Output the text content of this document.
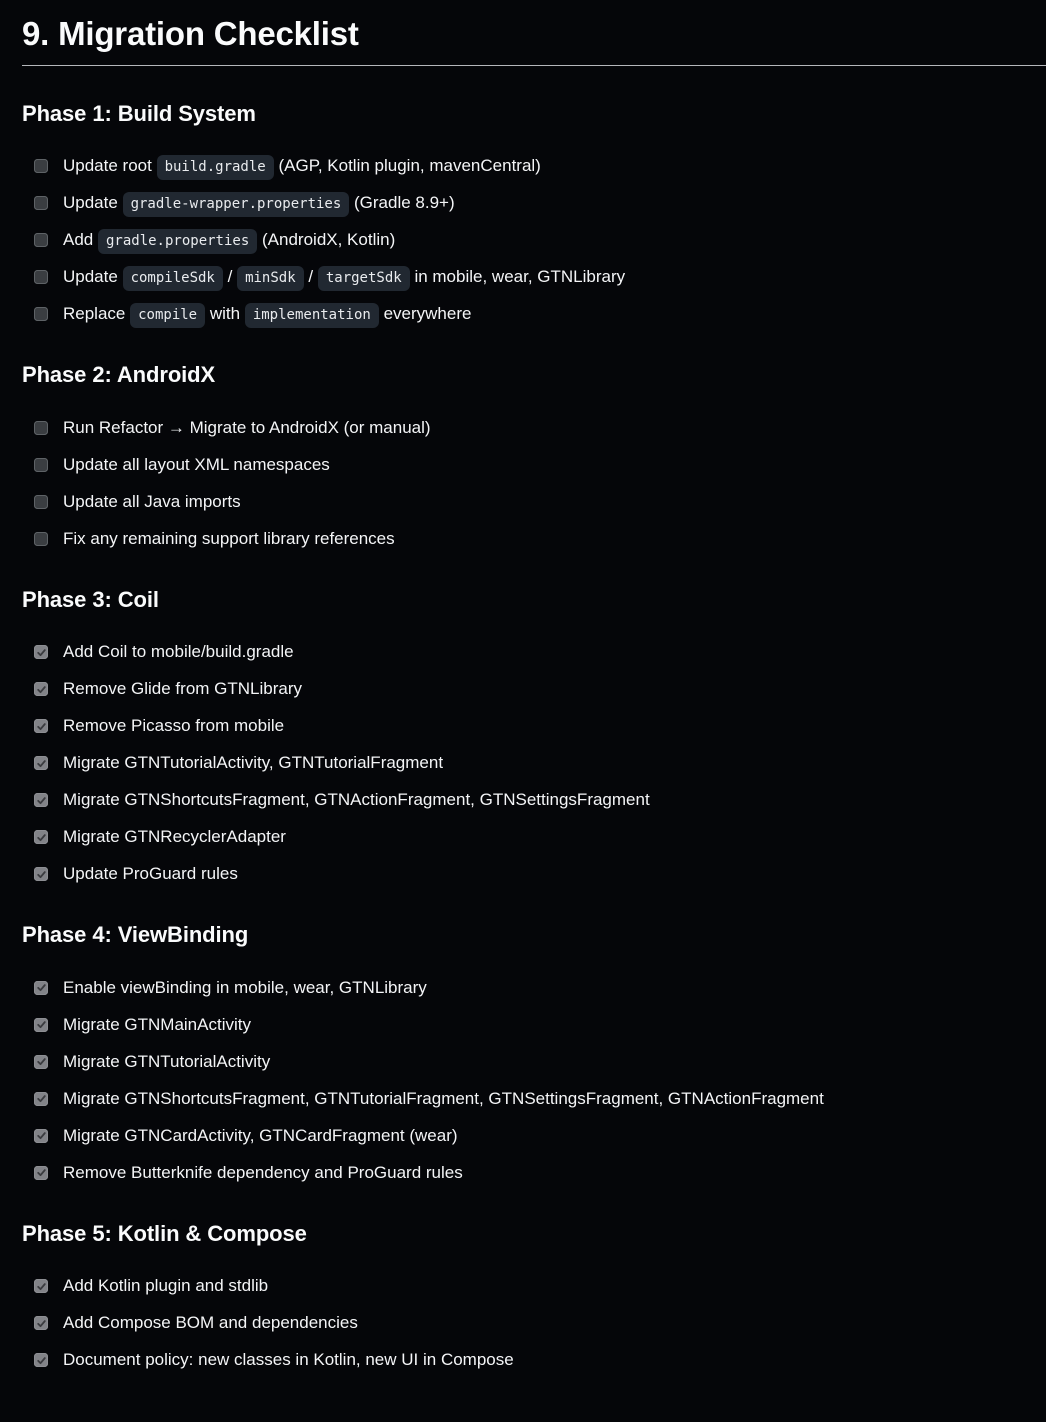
9. Migration Checklist
Phase 1: Build System
Update root build.gradle (AGP, Kotlin plugin, mavenCentral)
Update gradle-wrapper.properties (Gradle 8.9+)
Add gradle.properties (AndroidX, Kotlin)
Update compileSdk / minSdk / targetSdk in mobile, wear, GTNLibrary
Replace compile with implementation everywhere
Phase 2: AndroidX
Run Refactor → Migrate to AndroidX (or manual)
Update all layout XML namespaces
Update all Java imports
Fix any remaining support library references
Phase 3: Coil
Add Coil to mobile/build.gradle
Remove Glide from GTNLibrary
Remove Picasso from mobile
Migrate GTNTutorialActivity, GTNTutorialFragment
Migrate GTNShortcutsFragment, GTNActionFragment, GTNSettingsFragment
Migrate GTNRecyclerAdapter
Update ProGuard rules
Phase 4: ViewBinding
Enable viewBinding in mobile, wear, GTNLibrary
Migrate GTNMainActivity
Migrate GTNTutorialActivity
Migrate GTNShortcutsFragment, GTNTutorialFragment, GTNSettingsFragment, GTNActionFragment
Migrate GTNCardActivity, GTNCardFragment (wear)
Remove Butterknife dependency and ProGuard rules
Phase 5: Kotlin & Compose
Add Kotlin plugin and stdlib
Add Compose BOM and dependencies
Document policy: new classes in Kotlin, new UI in Compose
